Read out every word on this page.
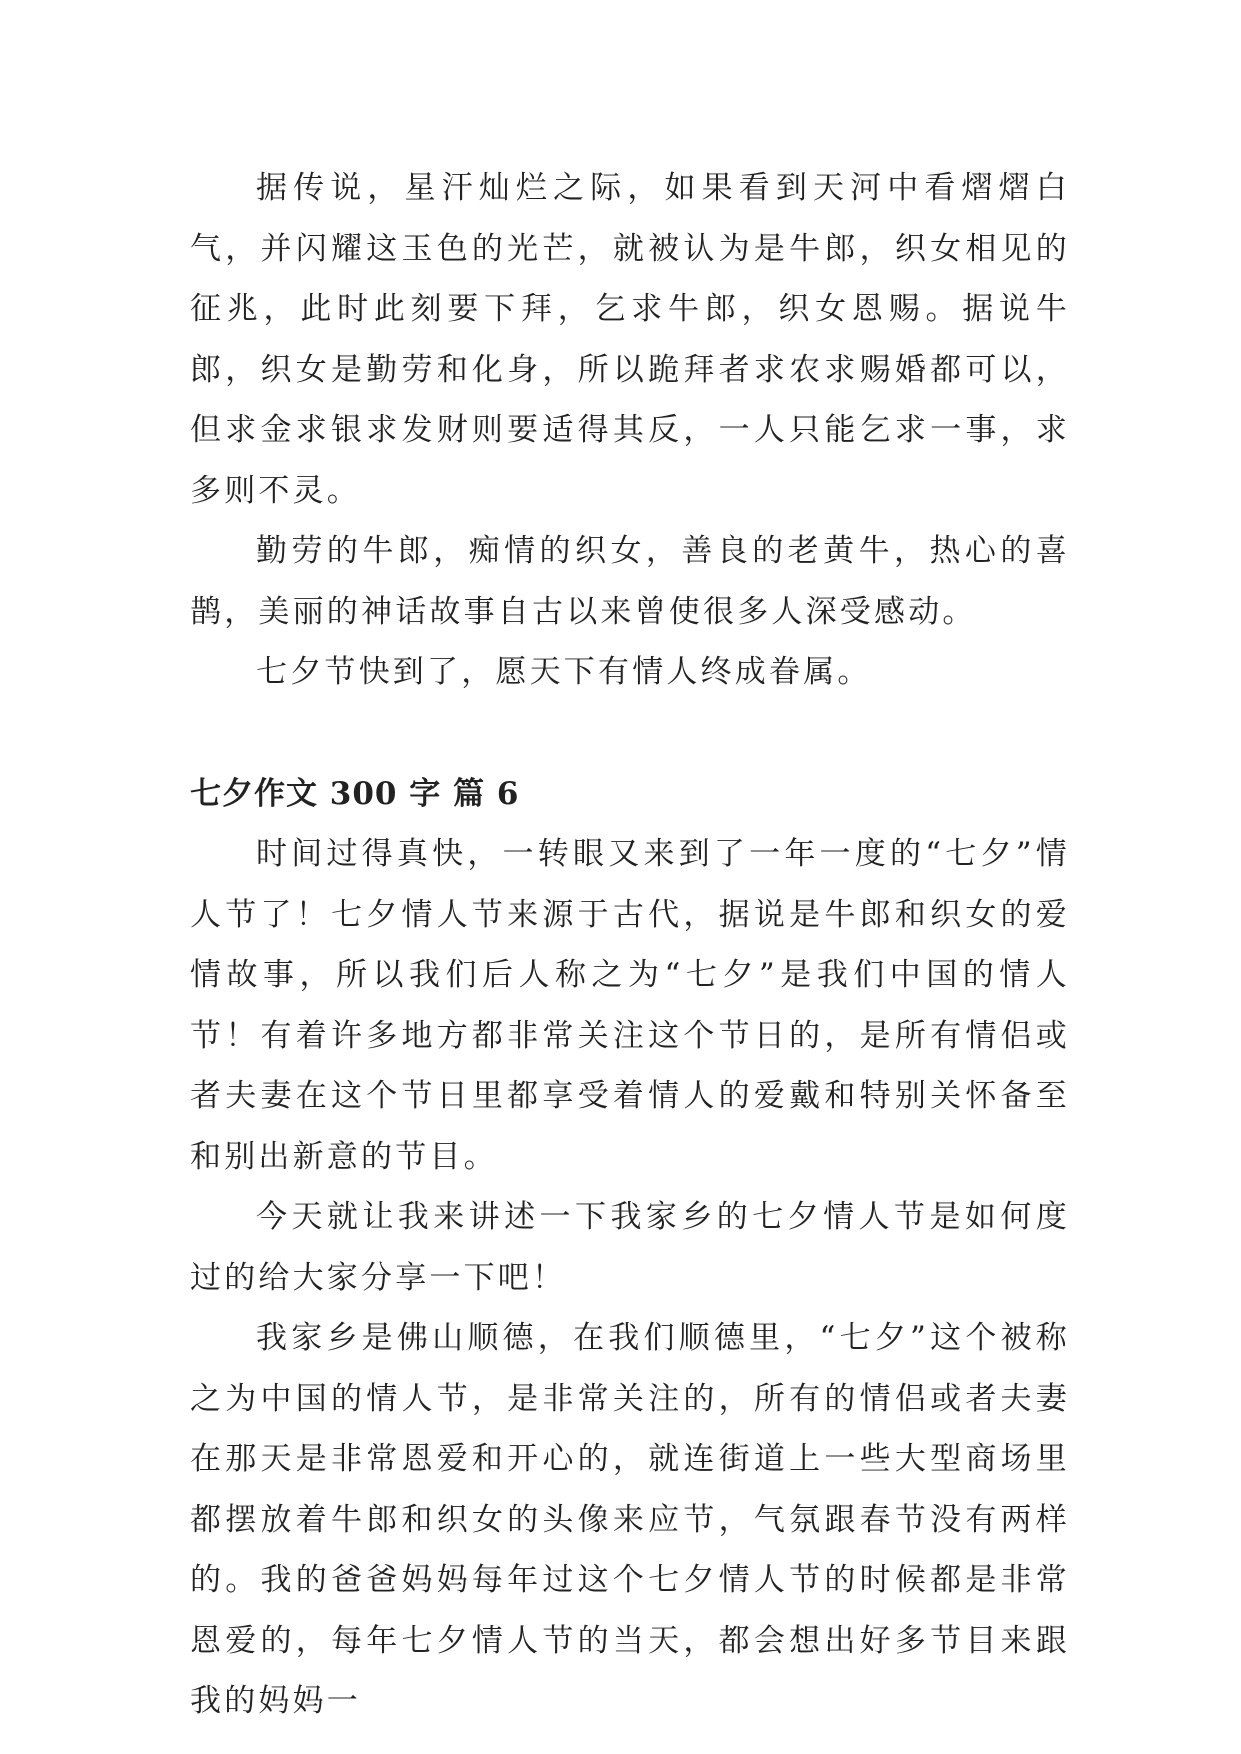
据传说，星汗灿烂之际，如果看到天河中看熠熠白气，并闪耀这玉色的光芒，就被认为是牛郎，织女相见的征兆，此时此刻要下拜，乞求牛郎，织女恩赐。据说牛郎，织女是勤劳和化身，所以跪拜者求农求赐婚都可以，但求金求银求发财则要适得其反，一人只能乞求一事，求多则不灵。

勤劳的牛郎，痴情的织女，善良的老黄牛，热心的喜鹊，美丽的神话故事自古以来曾使很多人深受感动。

七夕节快到了，愿天下有情人终成眷属。

七夕作文 300 字 篇 6

时间过得真快，一转眼又来到了一年一度的“七夕”情人节了！七夕情人节来源于古代，据说是牛郎和织女的爱情故事，所以我们后人称之为“七夕”是我们中国的情人节！有着许多地方都非常关注这个节日的，是所有情侣或者夫妻在这个节日里都享受着情人的爱戴和特别关怀备至和别出新意的节目。

今天就让我来讲述一下我家乡的七夕情人节是如何度过的给大家分享一下吧！

我家乡是佛山顺德，在我们顺德里，“七夕”这个被称之为中国的情人节，是非常关注的，所有的情侣或者夫妻在那天是非常恩爱和开心的，就连街道上一些大型商场里都摆放着牛郎和织女的头像来应节，气氛跟春节没有两样的。我的爸爸妈妈每年过这个七夕情人节的时候都是非常恩爱的，每年七夕情人节的当天，都会想出好多节目来跟我的妈妈一
